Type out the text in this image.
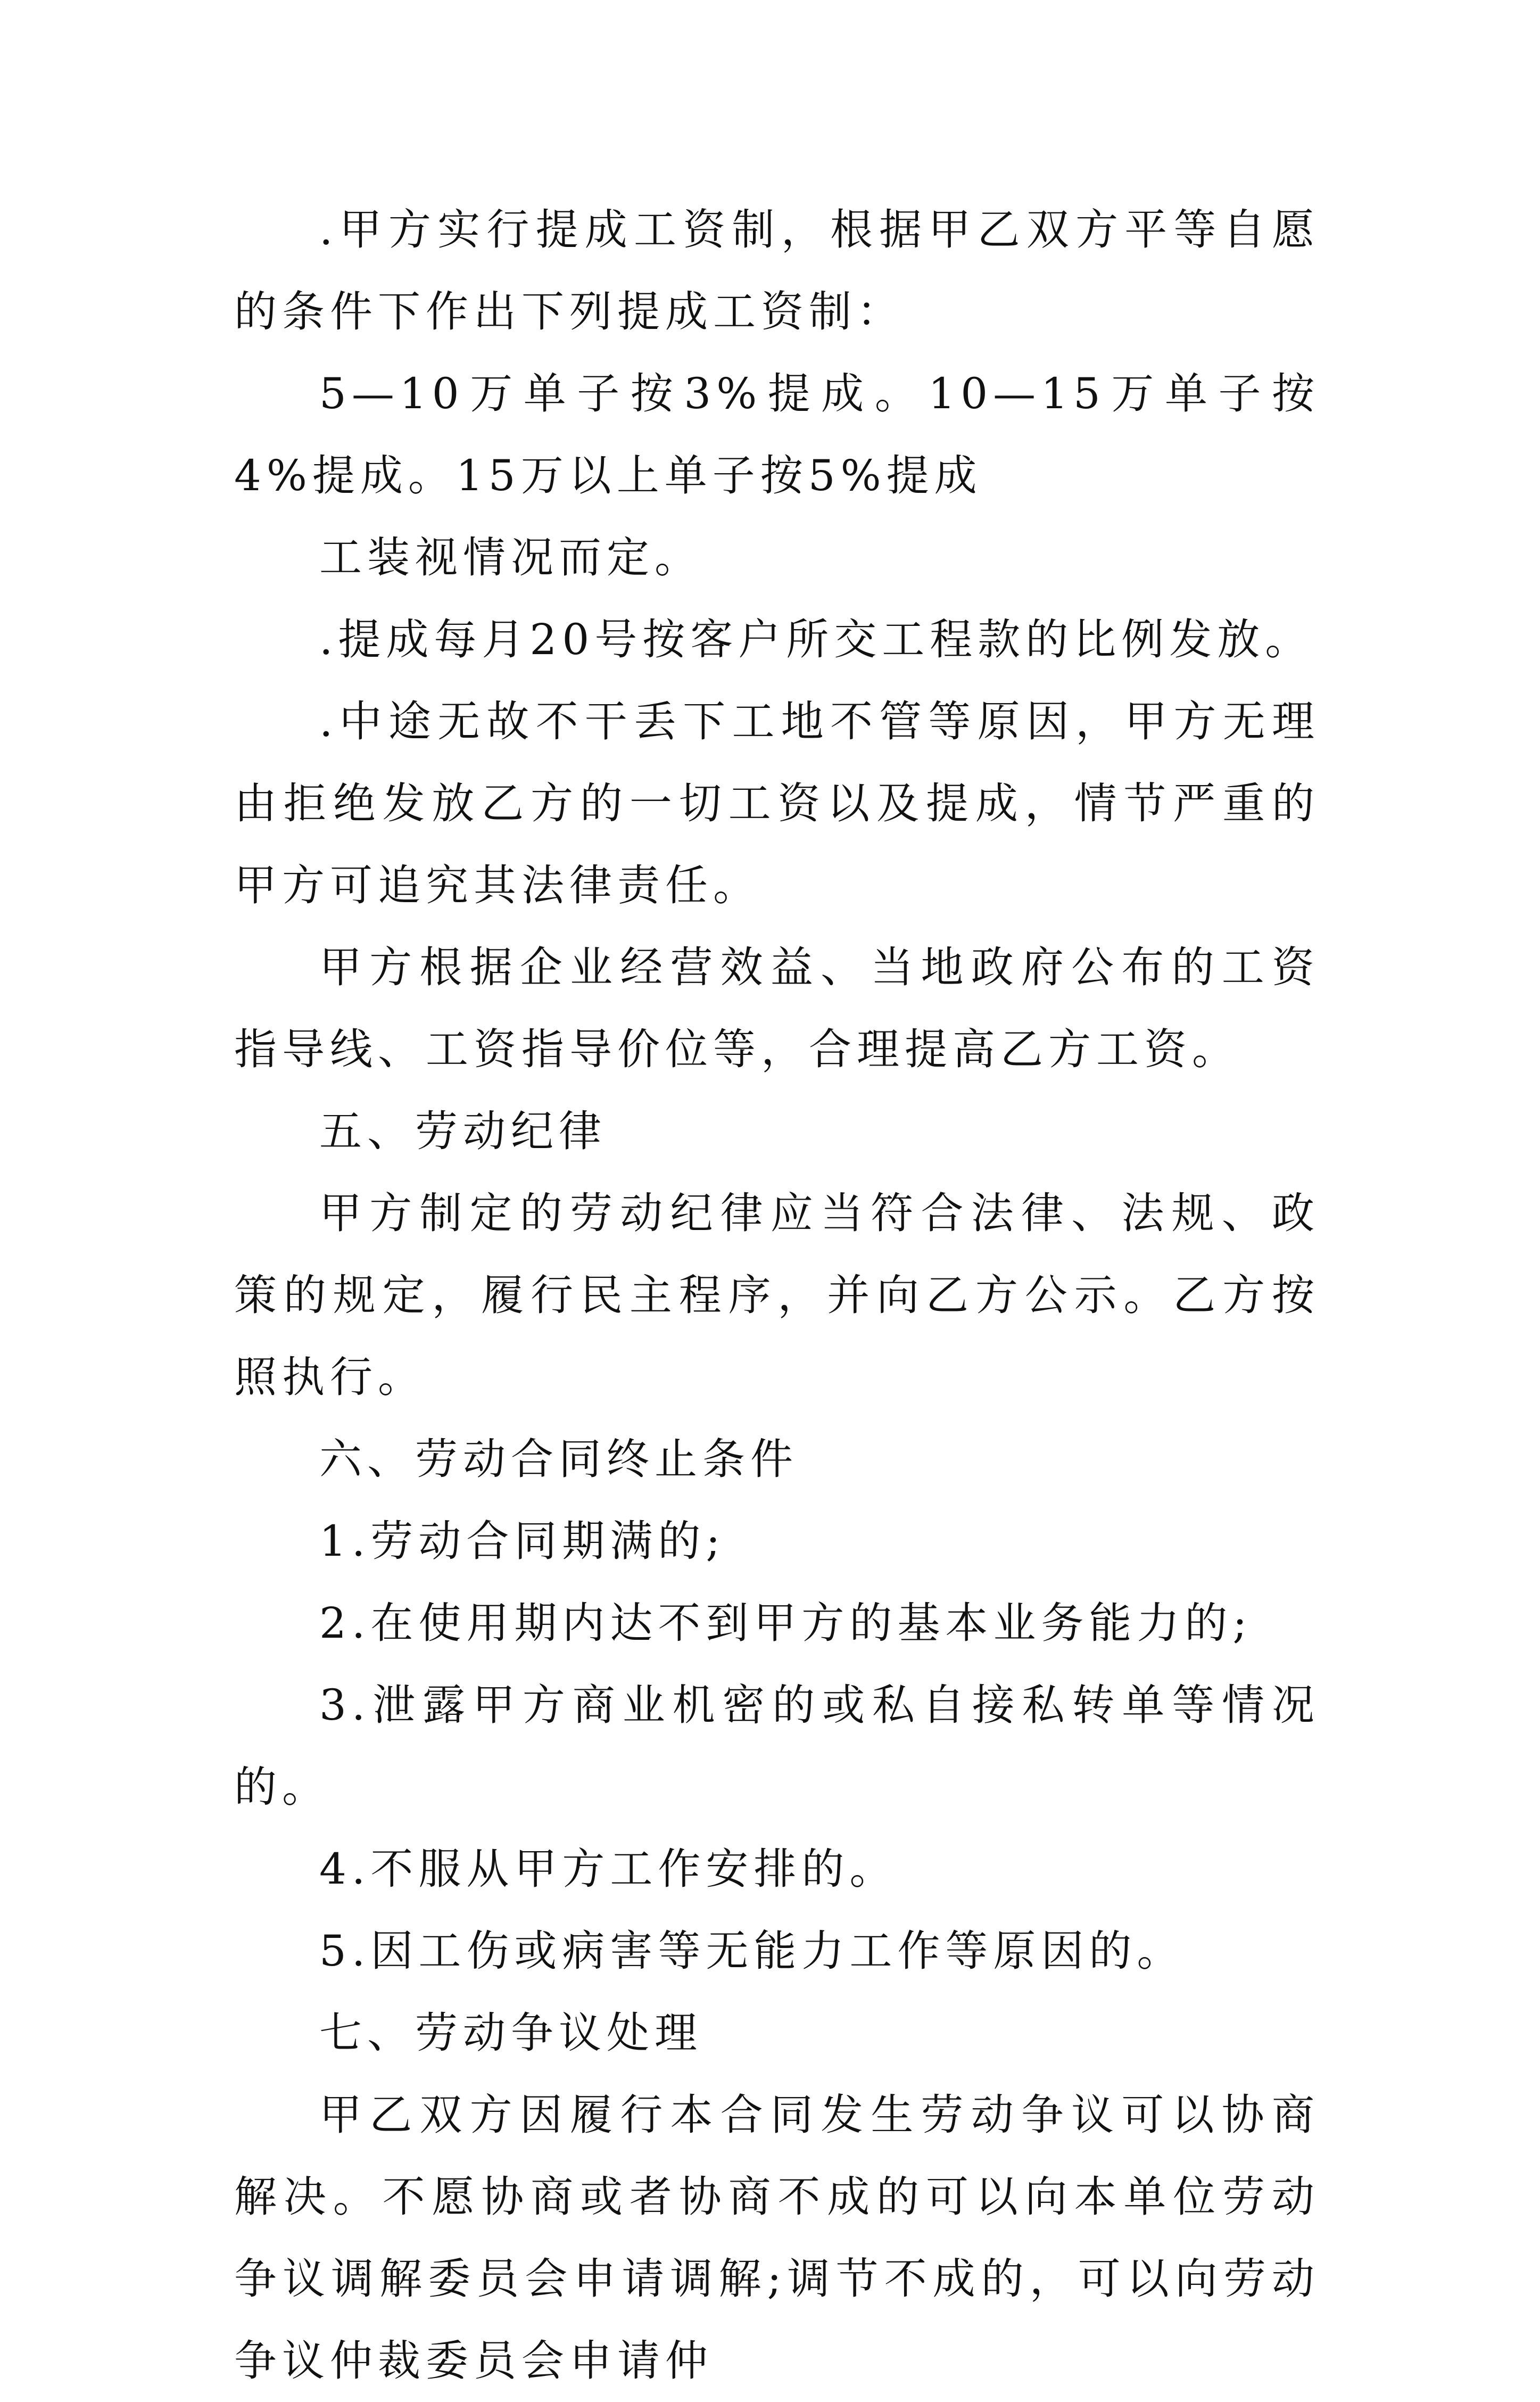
.甲方实行提成工资制，根据甲乙双方平等自愿的条件下作出下列提成工资制：

5—10万单子按3%提成。10—15万单子按4%提成。15万以上单子按5%提成

工装视情况而定。

.提成每月20号按客户所交工程款的比例发放。

.中途无故不干丢下工地不管等原因，甲方无理由拒绝发放乙方的一切工资以及提成，情节严重的甲方可追究其法律责任。

甲方根据企业经营效益、当地政府公布的工资指导线、工资指导价位等，合理提高乙方工资。

五、劳动纪律

甲方制定的劳动纪律应当符合法律、法规、政策的规定，履行民主程序，并向乙方公示。乙方按照执行。

六、劳动合同终止条件

1.劳动合同期满的;

2.在使用期内达不到甲方的基本业务能力的;

3.泄露甲方商业机密的或私自接私转单等情况的。

4.不服从甲方工作安排的。

5.因工伤或病害等无能力工作等原因的。

七、劳动争议处理

甲乙双方因履行本合同发生劳动争议可以协商解决。不愿协商或者协商不成的可以向本单位劳动争议调解委员会申请调解;调节不成的，可以向劳动争议仲裁委员会申请仲
